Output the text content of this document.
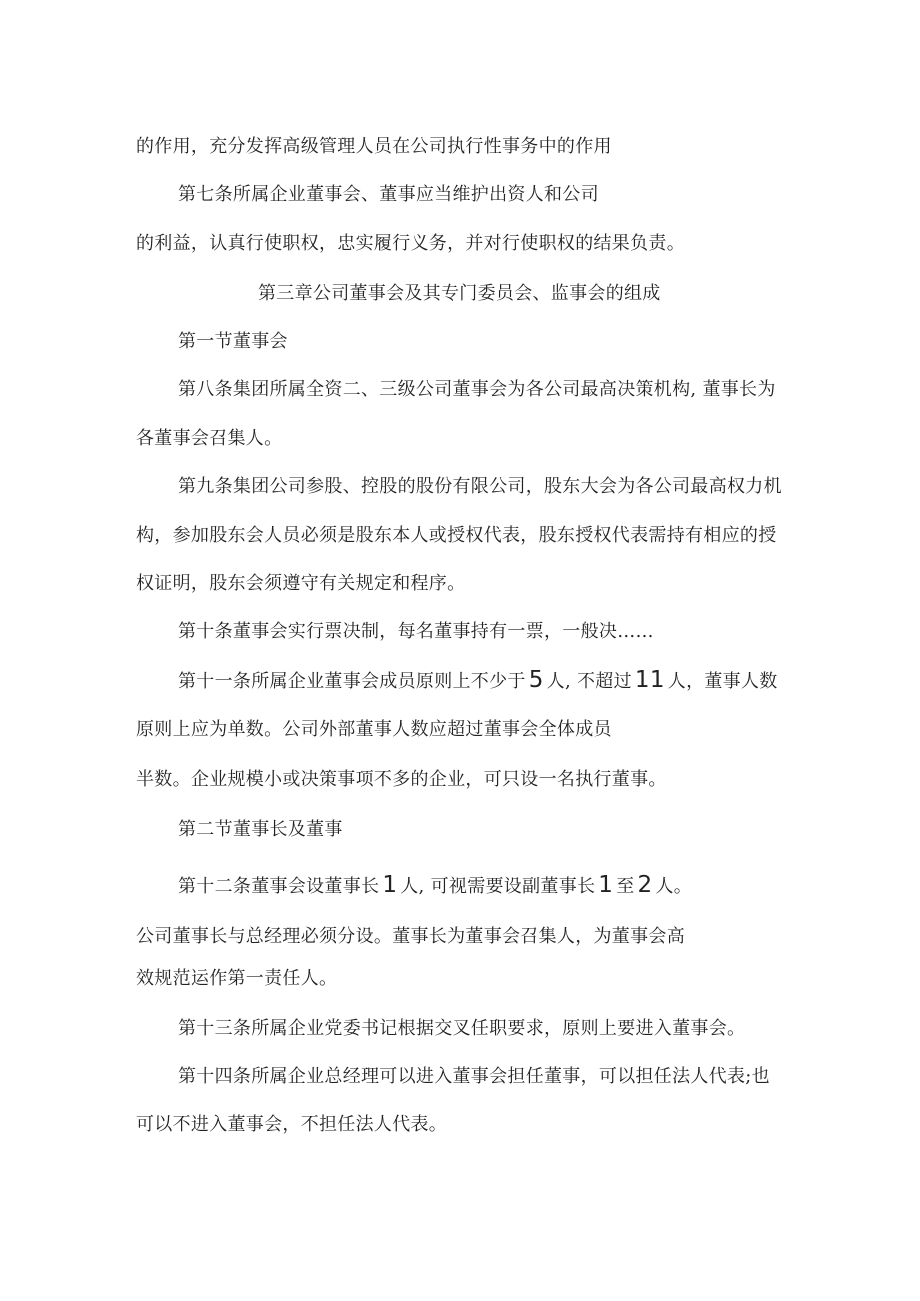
的作用，充分发挥高级管理人员在公司执行性事务中的作用
第七条所属企业董事会、董事应当维护出资人和公司
的利益，认真行使职权，忠实履行义务，并对行使职权的结果负责。
第三章公司董事会及其专门委员会、监事会的组成
第一节董事会
第八条集团所属全资二、三级公司董事会为各公司最高决策机构, 董事长为
各董事会召集人。
第九条集团公司参股、控股的股份有限公司，股东大会为各公司最高权力机
构，参加股东会人员必须是股东本人或授权代表，股东授权代表需持有相应的授
权证明，股东会须遵守有关规定和程序。
第十条董事会实行票决制，每名董事持有一票，一般决……
第十一条所属企业董事会成员原则上不少于 5 人, 不超过 11 人，董事人数
原则上应为单数。公司外部董事人数应超过董事会全体成员
半数。企业规模小或决策事项不多的企业，可只设一名执行董事。
第二节董事长及董事
第十二条董事会设董事长 1 人, 可视需要设副董事长 1 至 2 人。
公司董事长与总经理必须分设。董事长为董事会召集人，为董事会高
效规范运作第一责任人。
第十三条所属企业党委书记根据交叉任职要求，原则上要进入董事会。
第十四条所属企业总经理可以进入董事会担任董事，可以担任法人代表;也
可以不进入董事会，不担任法人代表。
